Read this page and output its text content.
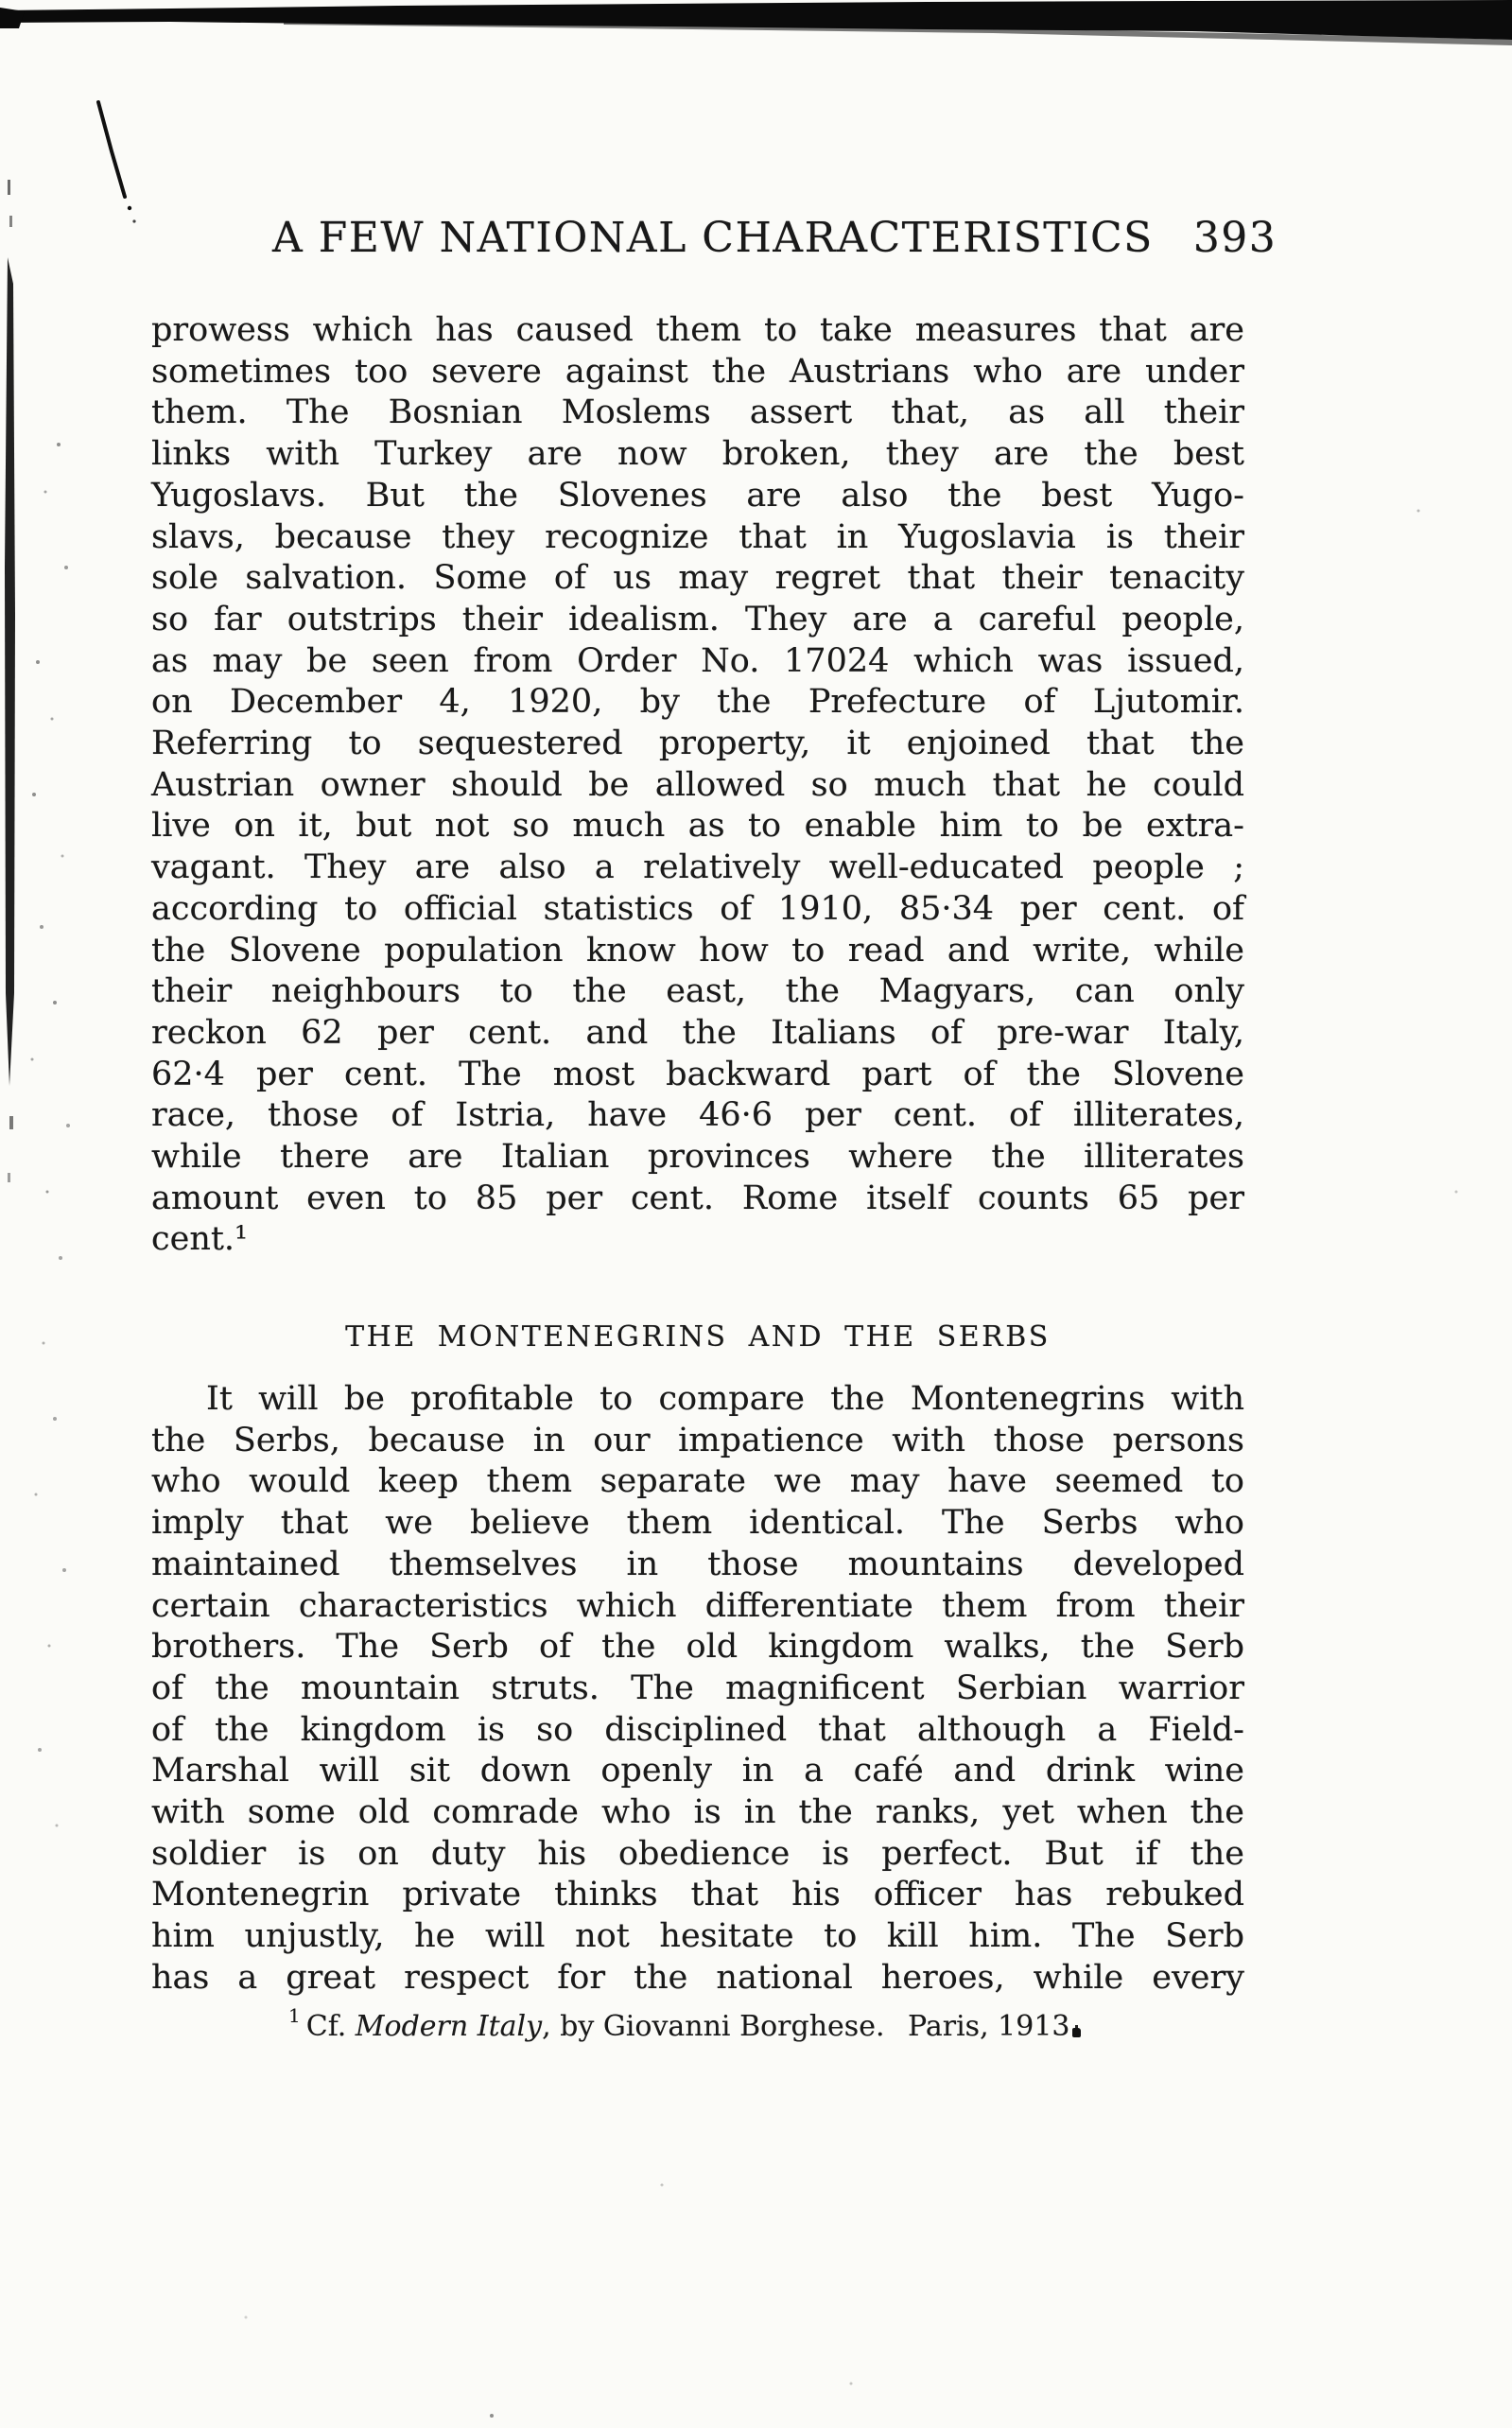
A FEW NATIONAL CHARACTERISTICS 393
prowess which has caused them to take measures that are
sometimes too severe against the Austrians who are under
them. The Bosnian Moslems assert that, as all their
links with Turkey are now broken, they are the best
Yugoslavs. But the Slovenes are also the best Yugo-
slavs, because they recognize that in Yugoslavia is their
sole salvation. Some of us may regret that their tenacity
so far outstrips their idealism. They are a careful people,
as may be seen from Order No. 17024 which was issued,
on December 4, 1920, by the Prefecture of Ljutomir.
Referring to sequestered property, it enjoined that the
Austrian owner should be allowed so much that he could
live on it, but not so much as to enable him to be extra-
vagant. They are also a relatively well-educated people ;
according to official statistics of 1910, 85·34 per cent. of
the Slovene population know how to read and write, while
their neighbours to the east, the Magyars, can only
reckon 62 per cent. and the Italians of pre-war Italy,
62·4 per cent. The most backward part of the Slovene
race, those of Istria, have 46·6 per cent. of illiterates,
while there are Italian provinces where the illiterates
amount even to 85 per cent. Rome itself counts 65 per
cent.¹
THE MONTENEGRINS AND THE SERBS
It will be profitable to compare the Montenegrins with
the Serbs, because in our impatience with those persons
who would keep them separate we may have seemed to
imply that we believe them identical. The Serbs who
maintained themselves in those mountains developed
certain characteristics which differentiate them from their
brothers. The Serb of the old kingdom walks, the Serb
of the mountain struts. The magnificent Serbian warrior
of the kingdom is so disciplined that although a Field-
Marshal will sit down openly in a café and drink wine
with some old comrade who is in the ranks, yet when the
soldier is on duty his obedience is perfect. But if the
Montenegrin private thinks that his officer has rebuked
him unjustly, he will not hesitate to kill him. The Serb
has a great respect for the national heroes, while every
$^1$ Cf. Modern Italy, by Giovanni Borghese.  Paris, 1913
